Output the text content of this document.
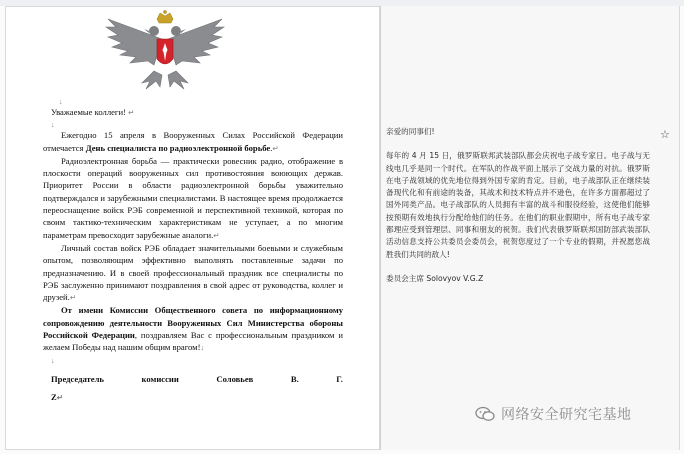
↓

Уважаемые коллеги! ↵

↓

Ежегодно 15 апреля в Вооруженных Силах Российской Федерации отмечается День специалиста по радиоэлектронной борьбе.↵

Радиоэлектронная борьба — практически ровесник радио, отображение в плоскости операций вооруженных сил противостояния воюющих держав. Приоритет России в области радиоэлектронной борьбы уважительно подтверждался и зарубежными специалистами. В настоящее время продолжается переоснащение войск РЭБ современной и перспективной техникой, которая по своим тактико-техническим характеристикам не уступает, а по многим параметрам превосходит зарубежные аналоги.↵

Личный состав войск РЭБ обладает значительными боевыми и служебным опытом, позволяющим эффективно выполнять поставленные задачи по предназначению. И в своей профессиональный праздник все специалисты по РЭБ заслуженно принимают поздравления в свой адрес от руководства, коллег и друзей.↵

От имени Комиссии Общественного совета по информационному сопровождению деятельности Вооруженных Сил Министерства обороны Российской Федерации, поздравляем Вас с профессиональным праздником и желаем Победы над нашим общим врагом!↓

↓

Председатель	комиссии	Соловьев	В.	Г.

Z↵

亲爱的同事们!

每年的 4 月 15 日，俄罗斯联邦武装部队都会庆祝电子战专家日。电子战与无线电几乎是同一个时代。在军队的作战平面上展示了交战力量的对抗。俄罗斯在电子战领域的优先地位得到外国专家的肯定。目前，电子战部队正在继续装备现代化和有前途的装备，其战术和技术特点并不逊色，在许多方面都超过了国外同类产品。电子战部队的人员拥有丰富的战斗和服役经验，这使他们能够按预期有效地执行分配给他们的任务。在他们的职业假期中，所有电子战专家都理应受到管理层、同事和朋友的祝贺。我们代表俄罗斯联邦国防部武装部队活动信息支持公共委员会委员会，祝贺您度过了一个专业的假期，并祝愿您战胜我们共同的敌人!

委员会主席 Solovyov V.G.Z

☆
网络安全研究宅基地
